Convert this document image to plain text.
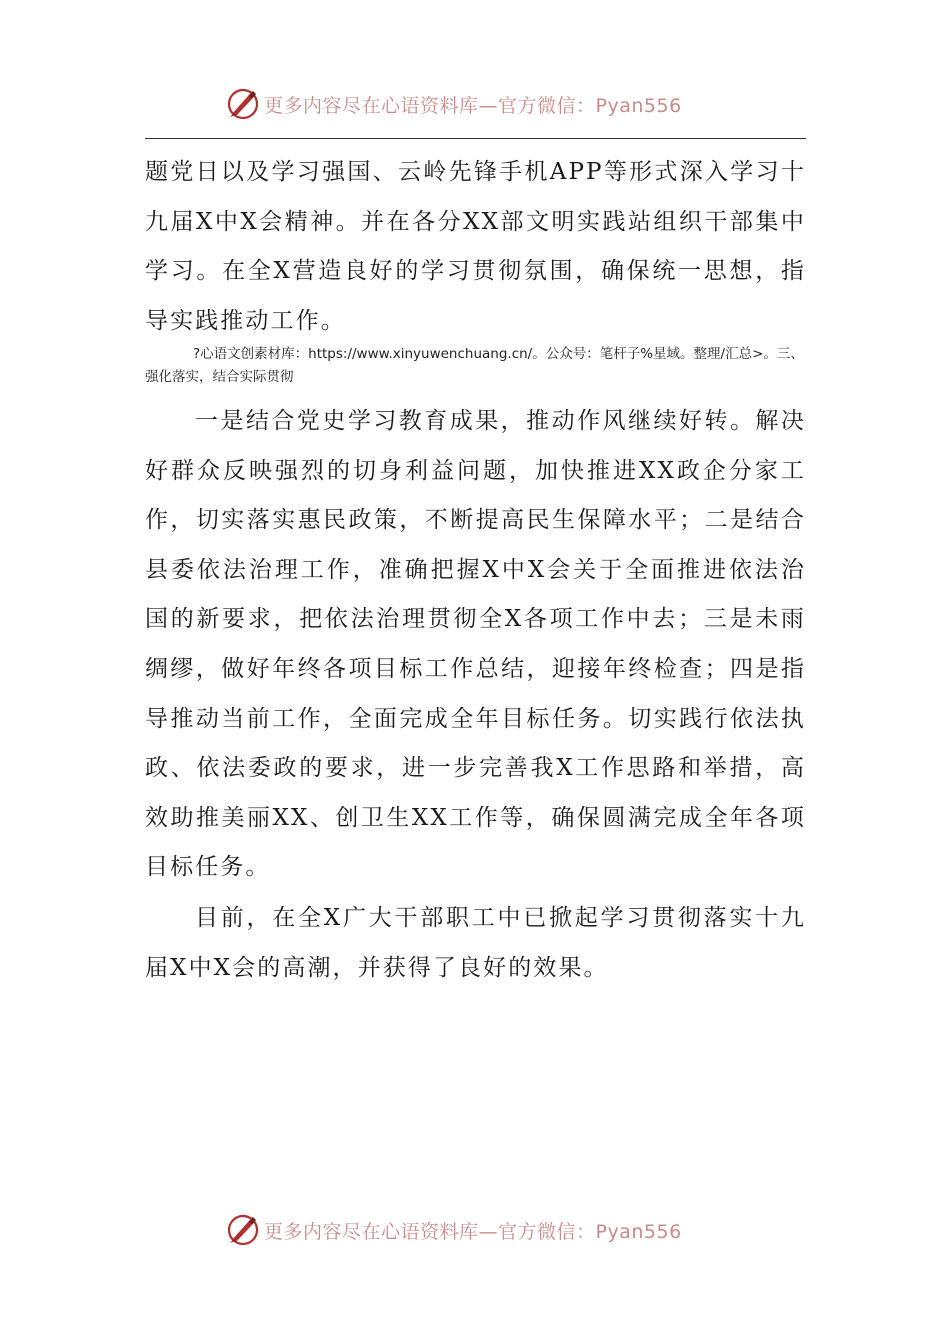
更多内容尽在心语资料库—官方微信：Pyan556

题党日以及学习强国、云岭先锋手机APP等形式深入学习十九届X中X会精神。并在各分XX部文明实践站组织干部集中学习。在全X营造良好的学习贯彻氛围，确保统一思想，指导实践推动工作。

?心语文创素材库：https://www.xinyuwenchuang.cn/。公众号：笔杆子%星域。整理/汇总>。三、强化落实，结合实际贯彻

一是结合党史学习教育成果，推动作风继续好转。解决好群众反映强烈的切身利益问题，加快推进XX政企分家工作，切实落实惠民政策，不断提高民生保障水平；二是结合县委依法治理工作，准确把握X中X会关于全面推进依法治国的新要求，把依法治理贯彻全X各项工作中去；三是未雨绸缪，做好年终各项目标工作总结，迎接年终检查；四是指导推动当前工作，全面完成全年目标任务。切实践行依法执政、依法委政的要求，进一步完善我X工作思路和举措，高效助推美丽XX、创卫生XX工作等，确保圆满完成全年各项目标任务。

目前，在全X广大干部职工中已掀起学习贯彻落实十九届X中X会的高潮，并获得了良好的效果。

更多内容尽在心语资料库—官方微信：Pyan556
